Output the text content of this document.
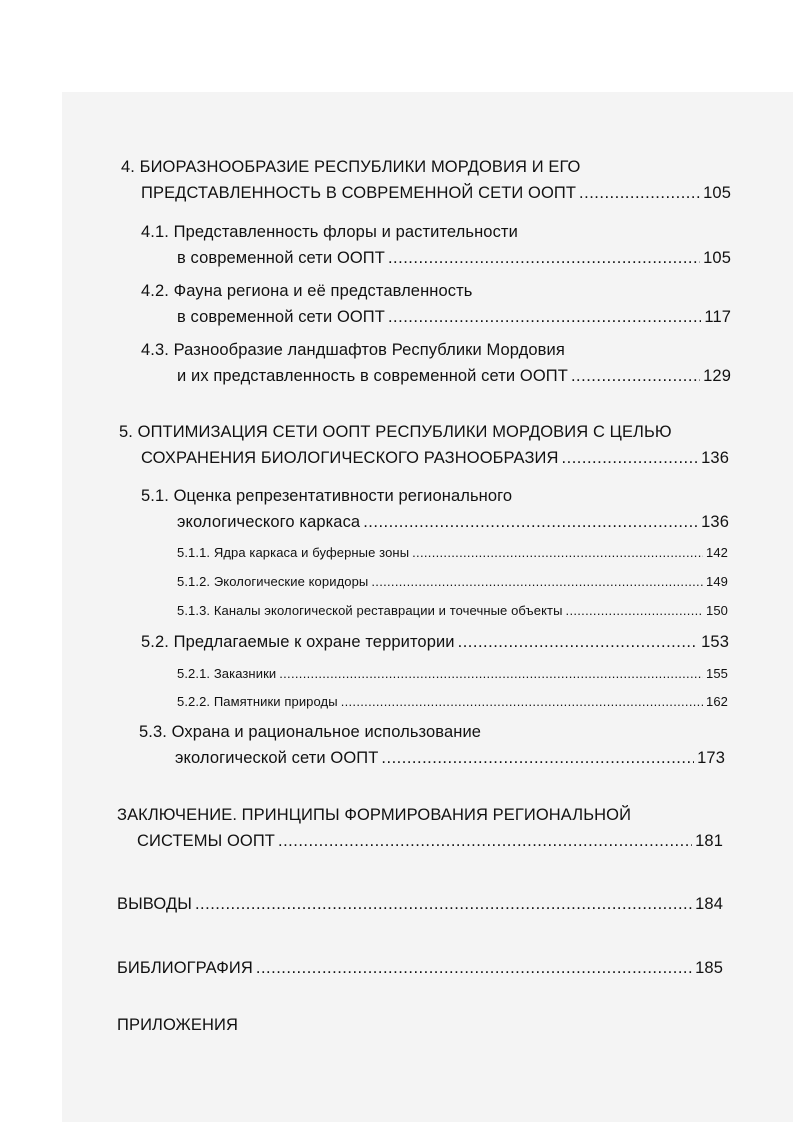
4. БИОРАЗНООБРАЗИЕ РЕСПУБЛИКИ МОРДОВИЯ И ЕГО
ПРЕДСТАВЛЕННОСТЬ В СОВРЕМЕННОЙ СЕТИ ООПТ .....	105
4.1. Представленность флоры и растительности
в современной сети ООПТ .....	105
4.2. Фауна региона и её представленность
в современной сети ООПТ .....	117
4.3. Разнообразие ландшафтов Республики Мордовия
и их представленность в современной сети ООПТ .....	129
5. ОПТИМИЗАЦИЯ СЕТИ ООПТ РЕСПУБЛИКИ МОРДОВИЯ С ЦЕЛЬЮ
СОХРАНЕНИЯ БИОЛОГИЧЕСКОГО РАЗНООБРАЗИЯ .....	136
5.1. Оценка репрезентативности регионального
экологического каркаса .....	136
5.1.1. Ядра каркаса и буферные зоны .....	142
5.1.2. Экологические коридоры .....	149
5.1.3. Каналы экологической реставрации и точечные объекты .....	150
5.2. Предлагаемые к охране территории .....	153
5.2.1. Заказники .....	155
5.2.2. Памятники природы .....	162
5.3. Охрана и рациональное использование
экологической сети ООПТ .....	173
ЗАКЛЮЧЕНИЕ. ПРИНЦИПЫ ФОРМИРОВАНИЯ РЕГИОНАЛЬНОЙ
СИСТЕМЫ ООПТ .....	181
ВЫВОДЫ .....	184
БИБЛИОГРАФИЯ .....	185
ПРИЛОЖЕНИЯ
